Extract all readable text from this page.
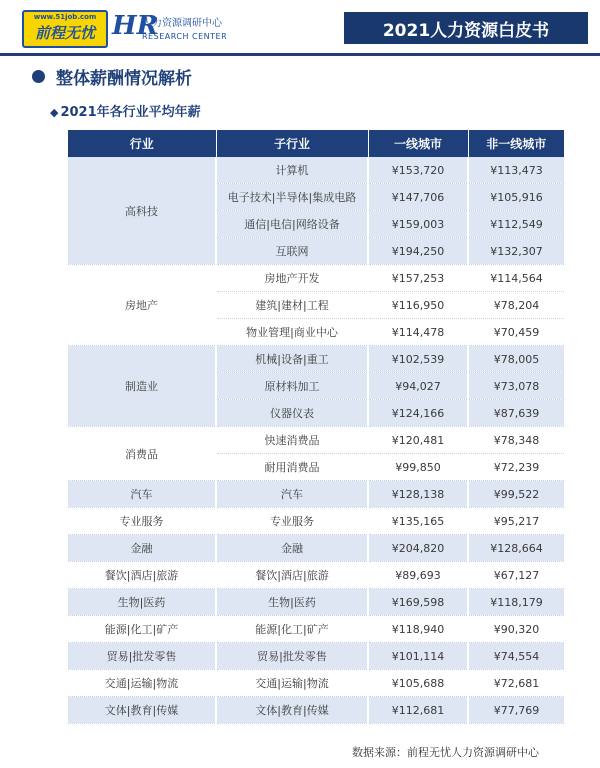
www.51job.com
前程无忧 HR
人力资源调研中心
RESEARCH CENTER	2021人力资源白皮书
整体薪酬情况解析
◆ 2021年各行业平均年薪
行业	子行业	一线城市	非一线城市
高科技	计算机	¥153,720	¥113,473
	电子技术|半导体|集成电路	¥147,706	¥105,916
	通信|电信|网络设备	¥159,003	¥112,549
	互联网	¥194,250	¥132,307
房地产	房地产开发	¥157,253	¥114,564
	建筑|建材|工程	¥116,950	¥78,204
	物业管理|商业中心	¥114,478	¥70,459
制造业	机械|设备|重工	¥102,539	¥78,005
	原材料加工	¥94,027	¥73,078
	仪器仪表	¥124,166	¥87,639
消费品	快速消费品	¥120,481	¥78,348
	耐用消费品	¥99,850	¥72,239
汽车	汽车	¥128,138	¥99,522
专业服务	专业服务	¥135,165	¥95,217
金融	金融	¥204,820	¥128,664
餐饮|酒店|旅游	餐饮|酒店|旅游	¥89,693	¥67,127
生物|医药	生物|医药	¥169,598	¥118,179
能源|化工|矿产	能源|化工|矿产	¥118,940	¥90,320
贸易|批发零售	贸易|批发零售	¥101,114	¥74,554
交通|运输|物流	交通|运输|物流	¥105,688	¥72,681
文体|教育|传媒	文体|教育|传媒	¥112,681	¥77,769
数据来源：前程无忧人力资源调研中心
